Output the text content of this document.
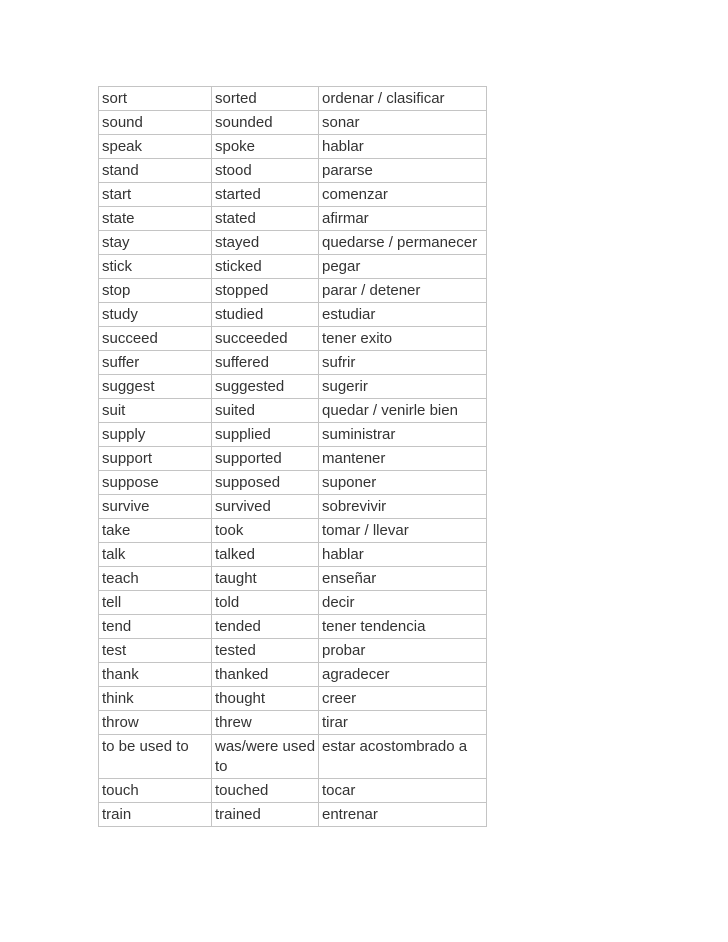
sort	sorted	ordenar / clasificar
sound	sounded	sonar
speak	spoke	hablar
stand	stood	pararse
start	started	comenzar
state	stated	afirmar
stay	stayed	quedarse / permanecer
stick	sticked	pegar
stop	stopped	parar / detener
study	studied	estudiar
succeed	succeeded	tener exito
suffer	suffered	sufrir
suggest	suggested	sugerir
suit	suited	quedar / venirle bien
supply	supplied	suministrar
support	supported	mantener
suppose	supposed	suponer
survive	survived	sobrevivir
take	took	tomar / llevar
talk	talked	hablar
teach	taught	enseñar
tell	told	decir
tend	tended	tener tendencia
test	tested	probar
thank	thanked	agradecer
think	thought	creer
throw	threw	tirar
to be used to	was/were used to	estar acostombrado a
touch	touched	tocar
train	trained	entrenar
